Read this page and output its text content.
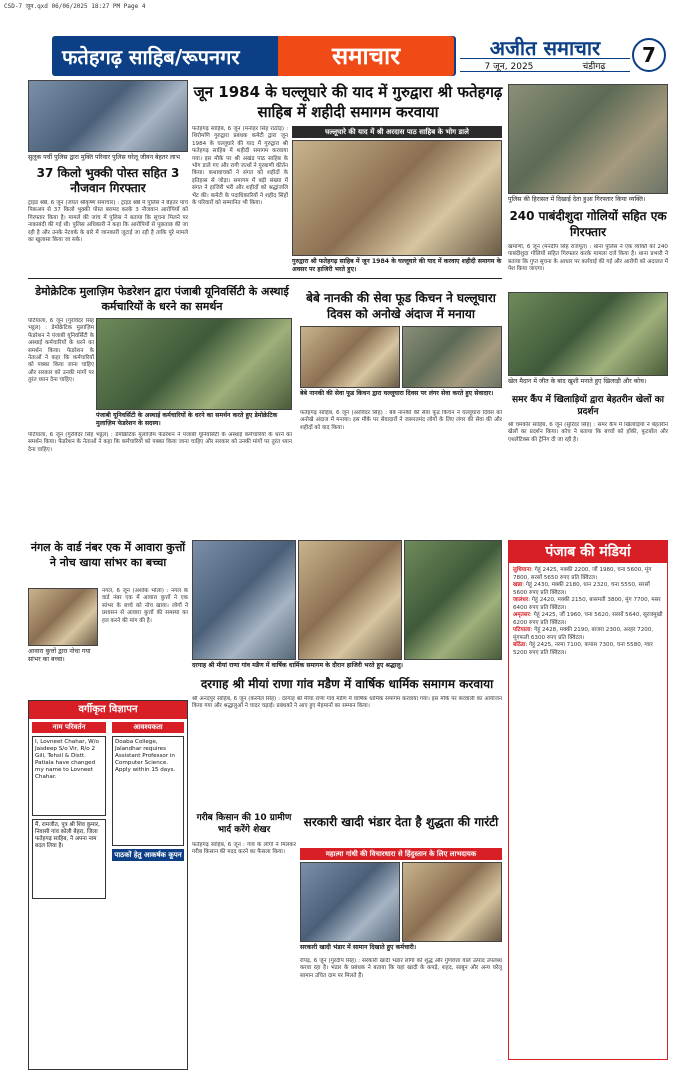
CSD-7 जून.qxd 06/06/2025 18:27 PM Page 4
फतेहगढ़ साहिब/रूपनगर	समाचार	अजीत समाचार
7 जून, 2025	चंडीगढ़	7
सुलूक पर्ची पुलिस द्वारा मुक्ति परिवार पुलिस घरेलू जीवन बेहतर लाभ
37 किलो भुक्की पोस्त सहित 3 नौजवान गिरफ्तार
ट्राइड श्रेष्ठे, 6 जून (जयंत श्रीकृष्ण समाचार) : ट्राइड श्रेष्ठे में पुलिस ने बेहतर पांच पिकअप से 37 किलो भुक्की पोस्त बरामद करके 3 नौजवान आरोपियों को गिरफ्तार किया है। मामले की जांच में पुलिस ने बताया कि सूचना मिलने पर नाकाबंदी की गई थी। पुलिस अधिकारी ने कहा कि आरोपियों से पूछताछ की जा रही है और उनके नेटवर्क के बारे में जानकारी जुटाई जा रही है ताकि पूरे मामले का खुलासा किया जा सके।
जून 1984 के घल्लूघारे की याद में गुरुद्वारा श्री फतेहगढ़ साहिब में शहीदी समागम करवाया
फतेहगढ़ साहिब, 6 जून (मनोहर सिंह राठौड़) : शिरोमणि गुरुद्वारा प्रबंधक कमेटी द्वारा जून 1984 के घल्लूघारे की याद में गुरुद्वारा श्री फतेहगढ़ साहिब में शहीदी समागम करवाया गया। इस मौके पर श्री अखंड पाठ साहिब के भोग डाले गए और रागी जत्थों ने गुरबाणी कीर्तन किया। कथावाचकों ने संगत को शहीदों के इतिहास से जोड़ा। समागम में बड़ी संख्या में संगत ने हाजिरी भरी और शहीदों को श्रद्धांजलि भेंट की। कमेटी के पदाधिकारियों ने शहीद सिंहों के परिवारों को सम्मानित भी किया।
घल्लूघारे की याद में श्री अरदास पाठ साहिब के भोग डाले
गुरुद्वारा श्री फतेहगढ़ साहिब में जून 1984 के घल्लूघारे की याद में करवाए शहीदी समागम के अवसर पर हाजिरी भरते हुए।
पुलिस की हिरासत में दिखाई देता हुआ गिरफ्तार किया व्यक्ति।
240 पाबंदीशुदा गोलियों सहित एक गिरफ्तार
खमाणों, 6 जून (मनदीप सिंह राजपूत) : थाना पुलिस ने एक व्यक्ति को 240 पाबंदीशुदा गोलियों सहित गिरफ्तार करके मामला दर्ज किया है। थाना प्रभारी ने बताया कि गुप्त सूचना के आधार पर कार्रवाई की गई और आरोपी को अदालत में पेश किया जाएगा।
डेमोक्रेटिक मुलाज़िम फेडरेशन द्वारा पंजाबी यूनिवर्सिटी के अस्थाई कर्मचारियों के धरने का समर्थन
पटियाला, 6 जून (गुरविंदर सिंह भट्ठल) : डेमोक्रेटिक मुलाज़िम फेडरेशन ने पंजाबी यूनिवर्सिटी के अस्थाई कर्मचारियों के धरने का समर्थन किया। फेडरेशन के नेताओं ने कहा कि कर्मचारियों को पक्का किया जाना चाहिए और सरकार को उनकी मांगों पर तुरंत ध्यान देना चाहिए।
पंजाबी यूनिवर्सिटी के अस्थाई कर्मचारियों के धरने का समर्थन करते हुए डेमोक्रेटिक मुलाज़िम फेडरेशन के सदस्य।
पटियाला, 6 जून (गुरविंदर सिंह भट्ठल) : डेमोक्रेटिक मुलाज़िम फेडरेशन ने पंजाबी यूनिवर्सिटी के अस्थाई कर्मचारियों के धरने का समर्थन किया। फेडरेशन के नेताओं ने कहा कि कर्मचारियों को पक्का किया जाना चाहिए और सरकार को उनकी मांगों पर तुरंत ध्यान देना चाहिए।
बेबे नानकी की सेवा फूड किचन ने घल्लूघारा दिवस को अनोखे अंदाज में मनाया
बेबे नानकी की सेवा फूड किचन द्वारा घल्लूघारा दिवस पर लंगर सेवा करते हुए सेवादार।
फतेहगढ़ साहिब, 6 जून (अरविंदर सिंह) : बेबे नानकी की सेवा फूड किचन ने घल्लूघारा दिवस को अनोखे अंदाज में मनाया। इस मौके पर सेवादारों ने जरूरतमंद लोगों के लिए लंगर की सेवा की और शहीदों को याद किया।
खेल मैदान में जीत के बाद खुशी मनाते हुए खिलाड़ी और कोच।
समर कैंप में खिलाड़ियों द्वारा बेहतरीन खेलों का प्रदर्शन
श्री चमकौर साहिब, 6 जून (सुरिंदर सिंह) : समर कैंप में खिलाड़ियों ने बेहतरीन खेलों का प्रदर्शन किया। कोच ने बताया कि बच्चों को हॉकी, फुटबॉल और एथलेटिक्स की ट्रेनिंग दी जा रही है।
नंगल के वार्ड नंबर एक में आवारा कुत्तों ने नोच खाया सांभर का बच्चा
नंगल, 6 जून (अशोक भोला) : नंगल के वार्ड नंबर एक में आवारा कुत्तों ने एक सांभर के बच्चे को नोच खाया। लोगों ने प्रशासन से आवारा कुत्तों की समस्या का हल करने की मांग की है।
आवारा कुत्तों द्वारा नोचा गया सांभर का बच्चा।
दरगाह श्री मीयां राणा गांव मडैण में वार्षिक धार्मिक समागम के दौरान हाजिरी भरते हुए श्रद्धालु।
दरगाह श्री मीयां राणा गांव मडैण में वार्षिक धार्मिक समागम करवाया
श्री अनंदपुर साहिब, 6 जून (करनैल सिंह) : दरगाह श्री मीयां राणा गांव मडैण में वार्षिक धार्मिक समागम करवाया गया। इस मौके पर कव्वाली का आयोजन किया गया और श्रद्धालुओं ने चादर चढ़ाई। प्रबंधकों ने आए हुए मेहमानों का सम्मान किया।
पंजाब की मंडियां
लुधियाना: गेहूं 2425, मक्की 2200, जौं 1980, चना 5600, मूंग 7800, सरसों 5650 रुपए प्रति क्विंटल।
खन्ना: गेहूं 2430, मक्की 2180, धान 2320, चना 5550, सरसों 5600 रुपए प्रति क्विंटल।
जालंधर: गेहूं 2420, मक्की 2150, बासमती 3800, मूंग 7700, मसर 6400 रुपए प्रति क्विंटल।
अमृतसर: गेहूं 2425, जौं 1960, चना 5620, सरसों 5640, सूरजमुखी 6200 रुपए प्रति क्विंटल।
पटियाला: गेहूं 2428, मक्की 2190, बाजरा 2300, अरहर 7200, मूंगफली 6300 रुपए प्रति क्विंटल।
बठिंडा: गेहूं 2425, नरमा 7100, कपास 7300, चना 5580, ग्वार 5200 रुपए प्रति क्विंटल।
वर्गीकृत विज्ञापन
नाम परिवर्तन
I, Lovneet Chahar, W/o Jasdeep S/o Vir, R/o 2 Gill, Tehsil & Distt. Patiala have changed my name to Lovneet Chahar.
मैं, रामजीत, पुत्र श्री शिव कुमार, निवासी गांव कोली बेहरा, जिला फतेहगढ़ साहिब, ने अपना नाम बदल लिया है।
आवश्यकता
Doaba College, Jalandhar requires Assistant Professor in Computer Science. Apply within 15 days.
पाठकों हेतु आकर्षक कूपन
गरीब किसान की 10 ग्रामीण भार्द करेंगे शेखर
फतेहगढ़ साहिब, 6 जून : गांव के लोगों ने मिलकर गरीब किसान की मदद करने का फैसला किया।
सरकारी खादी भंडार देता है शुद्धता की गारंटी
महात्मा गांधी की विचारधारा से हिंदुस्तान के लिए लाभदायक
सरकारी खादी भंडार में सामान दिखाते हुए कर्मचारी।
रोपड़, 6 जून (गुरदीप सिंह) : सरकारी खादी भंडार लोगों को शुद्ध और गुणवत्ता वाले उत्पाद उपलब्ध करवा रहा है। भंडार के प्रबंधक ने बताया कि यहां खादी के कपड़े, शहद, साबुन और अन्य घरेलू सामान उचित दाम पर मिलते हैं।
